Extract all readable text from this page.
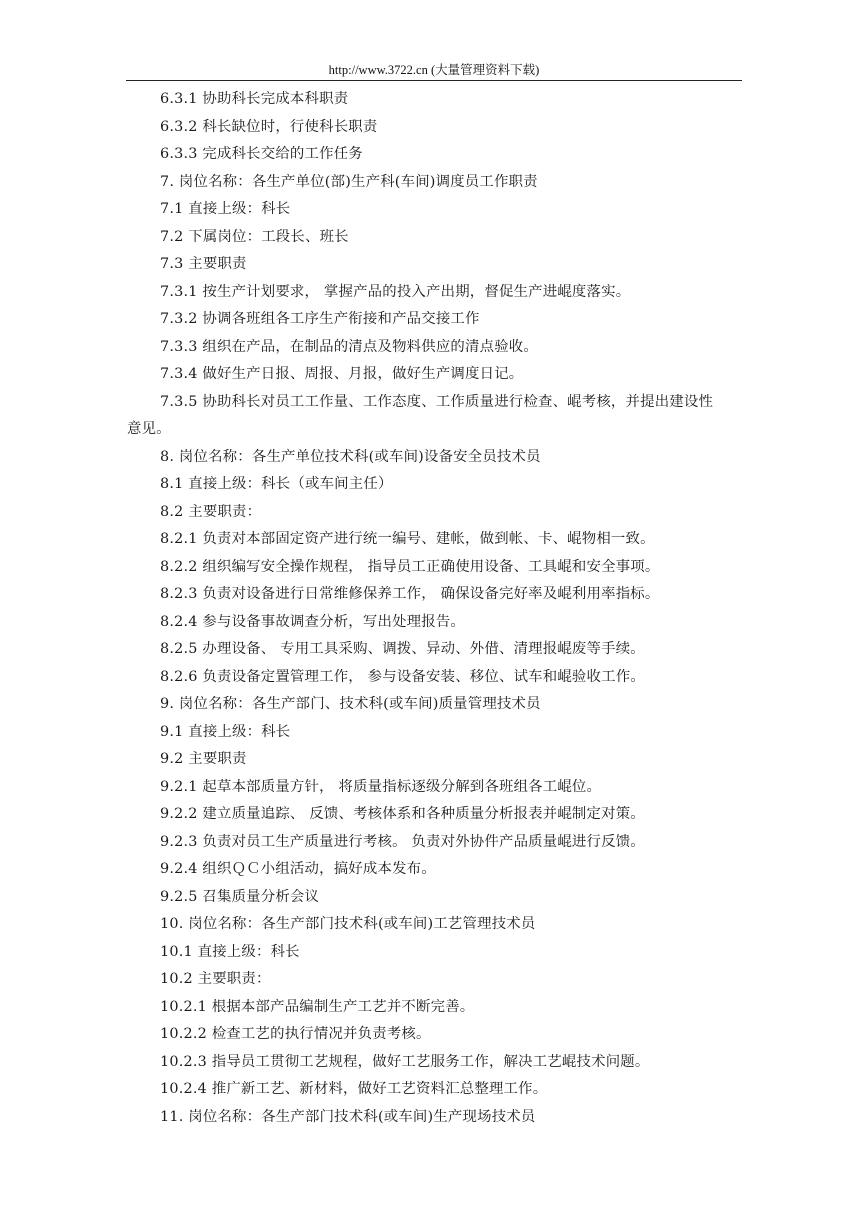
http://www.3722.cn (大量管理资料下载)
6.3.1 协助科长完成本科职责
6.3.2 科长缺位时，行使科长职责
6.3.3 完成科长交给的工作任务
7. 岗位名称：各生产单位(部)生产科(车间)调度员工作职责
7.1 直接上级：科长
7.2 下属岗位：工段长、班长
7.3 主要职责
7.3.1 按生产计划要求， 掌握产品的投入产出期，督促生产进崐度落实。
7.3.2 协调各班组各工序生产衔接和产品交接工作
7.3.3 组织在产品，在制品的清点及物料供应的清点验收。
7.3.4 做好生产日报、周报、月报，做好生产调度日记。
7.3.5 协助科长对员工工作量、工作态度、工作质量进行检查、崐考核，并提出建设性
意见。
8. 岗位名称：各生产单位技术科(或车间)设备安全员技术员
8.1 直接上级：科长（或车间主任）
8.2 主要职责：
8.2.1 负责对本部固定资产进行统一编号、建帐，做到帐、卡、崐物相一致。
8.2.2 组织编写安全操作规程， 指导员工正确使用设备、工具崐和安全事项。
8.2.3 负责对设备进行日常维修保养工作， 确保设备完好率及崐利用率指标。
8.2.4 参与设备事故调查分析，写出处理报告。
8.2.5 办理设备、 专用工具采购、调拨、异动、外借、清理报崐废等手续。
8.2.6 负责设备定置管理工作， 参与设备安装、移位、试车和崐验收工作。
9. 岗位名称：各生产部门、技术科(或车间)质量管理技术员
9.1 直接上级：科长
9.2 主要职责
9.2.1 起草本部质量方针， 将质量指标逐级分解到各班组各工崐位。
9.2.2 建立质量追踪、 反馈、考核体系和各种质量分析报表并崐制定对策。
9.2.3 负责对员工生产质量进行考核。 负责对外协件产品质量崐进行反馈。
9.2.4 组织ＱＣ小组活动，搞好成本发布。
9.2.5 召集质量分析会议
10. 岗位名称：各生产部门技术科(或车间)工艺管理技术员
10.1 直接上级：科长
10.2 主要职责：
10.2.1 根据本部产品编制生产工艺并不断完善。
10.2.2 检查工艺的执行情况并负责考核。
10.2.3 指导员工贯彻工艺规程，做好工艺服务工作，解决工艺崐技术问题。
10.2.4 推广新工艺、新材料，做好工艺资料汇总整理工作。
11. 岗位名称：各生产部门技术科(或车间)生产现场技术员
